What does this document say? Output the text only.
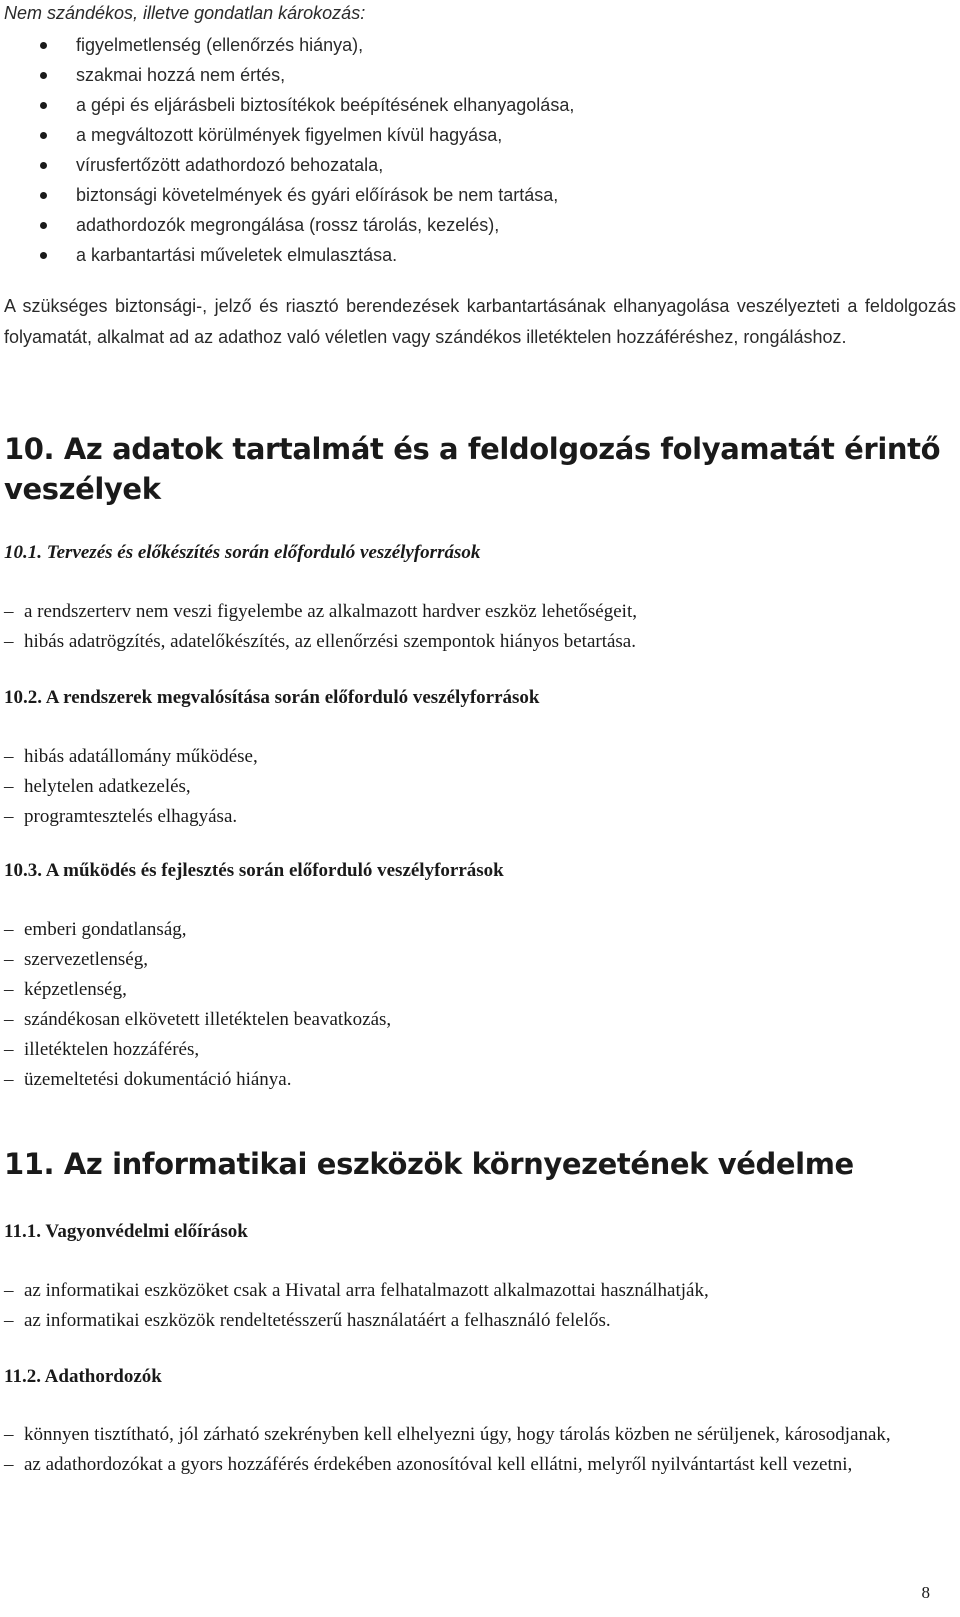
Nem szándékos, illetve gondatlan károkozás:
figyelmetlenség (ellenőrzés hiánya),
szakmai hozzá nem értés,
a gépi és eljárásbeli biztosítékok beépítésének elhanyagolása,
a megváltozott körülmények figyelmen kívül hagyása,
vírusfertőzött adathordozó behozatala,
biztonsági követelmények és gyári előírások be nem tartása,
adathordozók megrongálása (rossz tárolás, kezelés),
a karbantartási műveletek elmulasztása.

A szükséges biztonsági-, jelző és riasztó berendezések karbantartásának elhanyagolása veszélyezteti a feldolgozás folyamatát, alkalmat ad az adathoz való véletlen vagy szándékos illetéktelen hozzáféréshez, rongáláshoz.

10. Az adatok tartalmát és a feldolgozás folyamatát érintő
veszélyek
10.1. Tervezés és előkészítés során előforduló veszélyforrások
– a rendszerterv nem veszi figyelembe az alkalmazott hardver eszköz lehetőségeit,
– hibás adatrögzítés, adatelőkészítés, az ellenőrzési szempontok hiányos betartása.
10.2. A rendszerek megvalósítása során előforduló veszélyforrások
– hibás adatállomány működése,
– helytelen adatkezelés,
– programtesztelés elhagyása.
10.3. A működés és fejlesztés során előforduló veszélyforrások
– emberi gondatlanság,
– szervezetlenség,
– képzetlenség,
– szándékosan elkövetett illetéktelen beavatkozás,
– illetéktelen hozzáférés,
– üzemeltetési dokumentáció hiánya.
11. Az informatikai eszközök környezetének védelme
11.1. Vagyonvédelmi előírások
– az informatikai eszközöket csak a Hivatal arra felhatalmazott alkalmazottai használhatják,
– az informatikai eszközök rendeltetésszerű használatáért a felhasználó felelős.
11.2. Adathordozók
– könnyen tisztítható, jól zárható szekrényben kell elhelyezni úgy, hogy tárolás közben ne sérüljenek, károsodjanak,
– az adathordozókat a gyors hozzáférés érdekében azonosítóval kell ellátni, melyről nyilvántartást kell vezetni,
8
